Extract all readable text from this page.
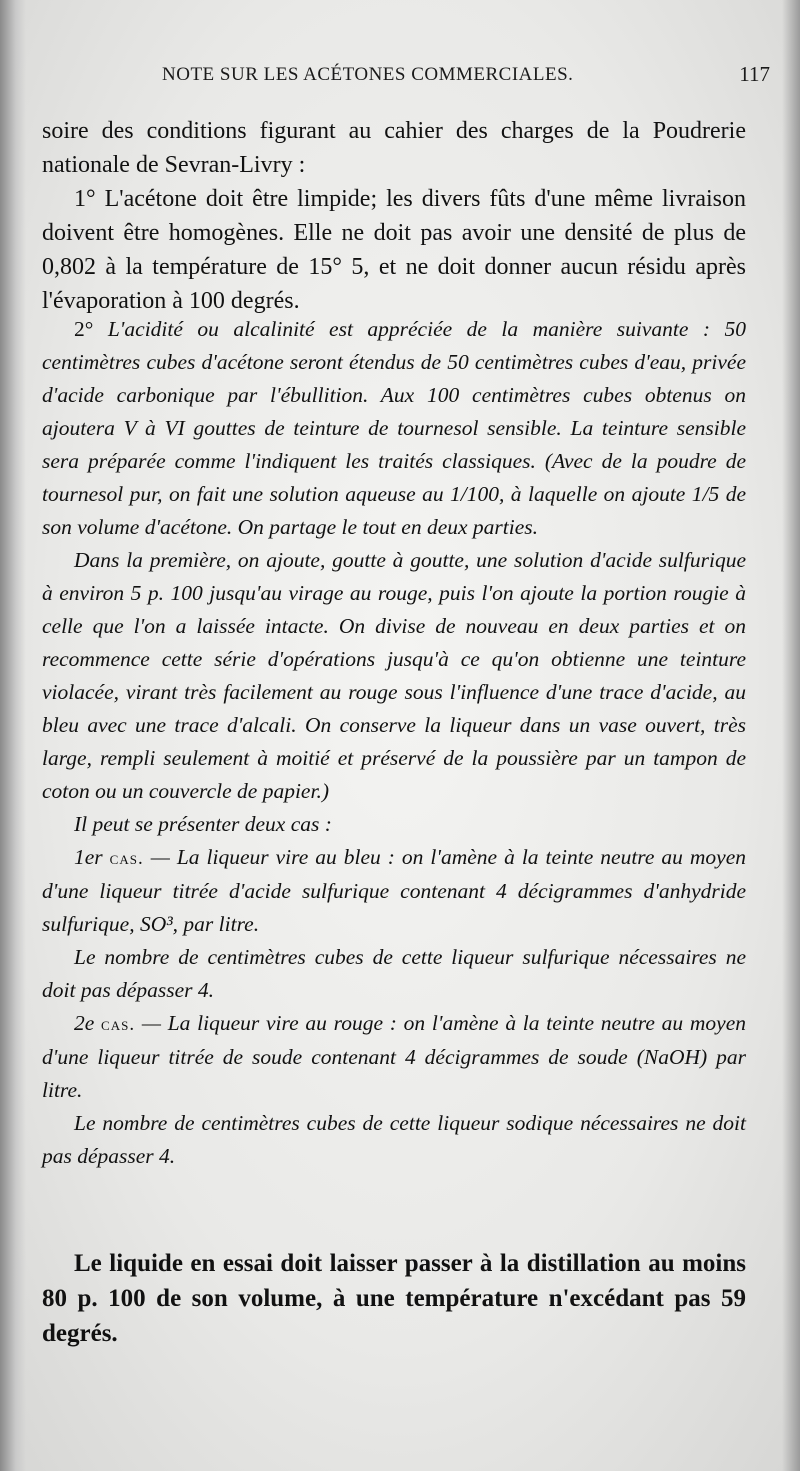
NOTE SUR LES ACÉTONES COMMERCIALES.	117

soire des conditions figurant au cahier des charges de la Poudrerie nationale de Sevran-Livry :

1° L'acétone doit être limpide; les divers fûts d'une même livraison doivent être homogènes. Elle ne doit pas avoir une densité de plus de 0,802 à la température de 15° 5, et ne doit donner aucun résidu après l'évaporation à 100 degrés.

2° L'acidité ou alcalinité est appréciée de la manière suivante : 50 centimètres cubes d'acétone seront étendus de 50 centimètres cubes d'eau, privée d'acide carbonique par l'ébullition. Aux 100 centimètres cubes obtenus on ajoutera V à VI gouttes de teinture de tournesol sensible. La teinture sensible sera préparée comme l'indiquent les traités classiques. (Avec de la poudre de tournesol pur, on fait une solution aqueuse au 1/100, à laquelle on ajoute 1/5 de son volume d'acétone. On partage le tout en deux parties.

Dans la première, on ajoute, goutte à goutte, une solution d'acide sulfurique à environ 5 p. 100 jusqu'au virage au rouge, puis l'on ajoute la portion rougie à celle que l'on a laissée intacte. On divise de nouveau en deux parties et on recommence cette série d'opérations jusqu'à ce qu'on obtienne une teinture violacée, virant très facilement au rouge sous l'influence d'une trace d'acide, au bleu avec une trace d'alcali. On conserve la liqueur dans un vase ouvert, très large, rempli seulement à moitié et préservé de la poussière par un tampon de coton ou un couvercle de papier.)

Il peut se présenter deux cas :

1er cas. — La liqueur vire au bleu : on l'amène à la teinte neutre au moyen d'une liqueur titrée d'acide sulfurique contenant 4 décigrammes d'anhydride sulfurique, SO³, par litre.

Le nombre de centimètres cubes de cette liqueur sulfurique nécessaires ne doit pas dépasser 4.

2e cas. — La liqueur vire au rouge : on l'amène à la teinte neutre au moyen d'une liqueur titrée de soude contenant 4 décigrammes de soude (NaOH) par litre.

Le nombre de centimètres cubes de cette liqueur sodique nécessaires ne doit pas dépasser 4.

Le liquide en essai doit laisser passer à la distillation au moins 80 p. 100 de son volume, à une température n'excédant pas 59 degrés.
